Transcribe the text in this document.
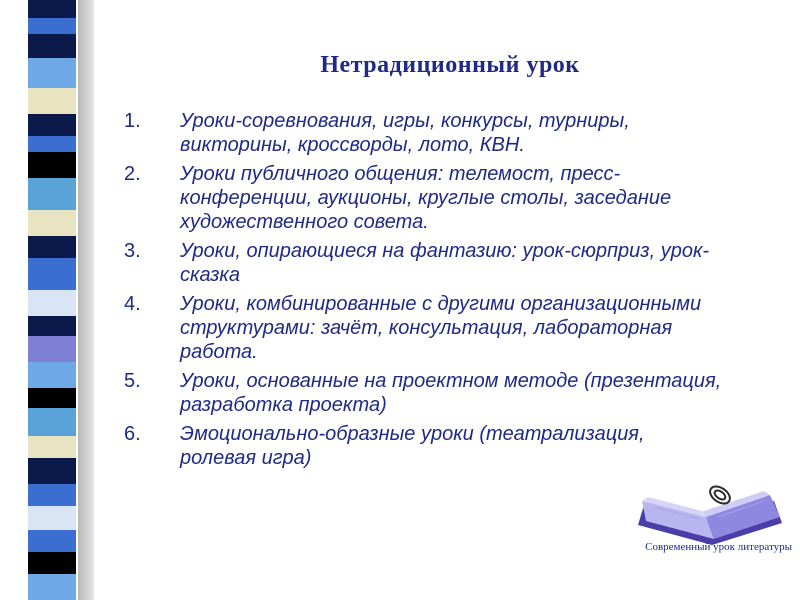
Нетрадиционный урок
1. Уроки-соревнования, игры, конкурсы, турниры, викторины, кроссворды, лото, КВН.
2. Уроки публичного общения: телемост, пресс-конференции, аукционы, круглые столы, заседание художественного совета.
3. Уроки, опирающиеся на фантазию: урок-сюрприз, урок-сказка
4. Уроки, комбинированные с другими организационными структурами: зачёт, консультация, лабораторная работа.
5. Уроки, основанные на проектном методе (презентация, разработка проекта)
6. Эмоционально-образные уроки (театрализация, ролевая игра)
Современный урок литературы
